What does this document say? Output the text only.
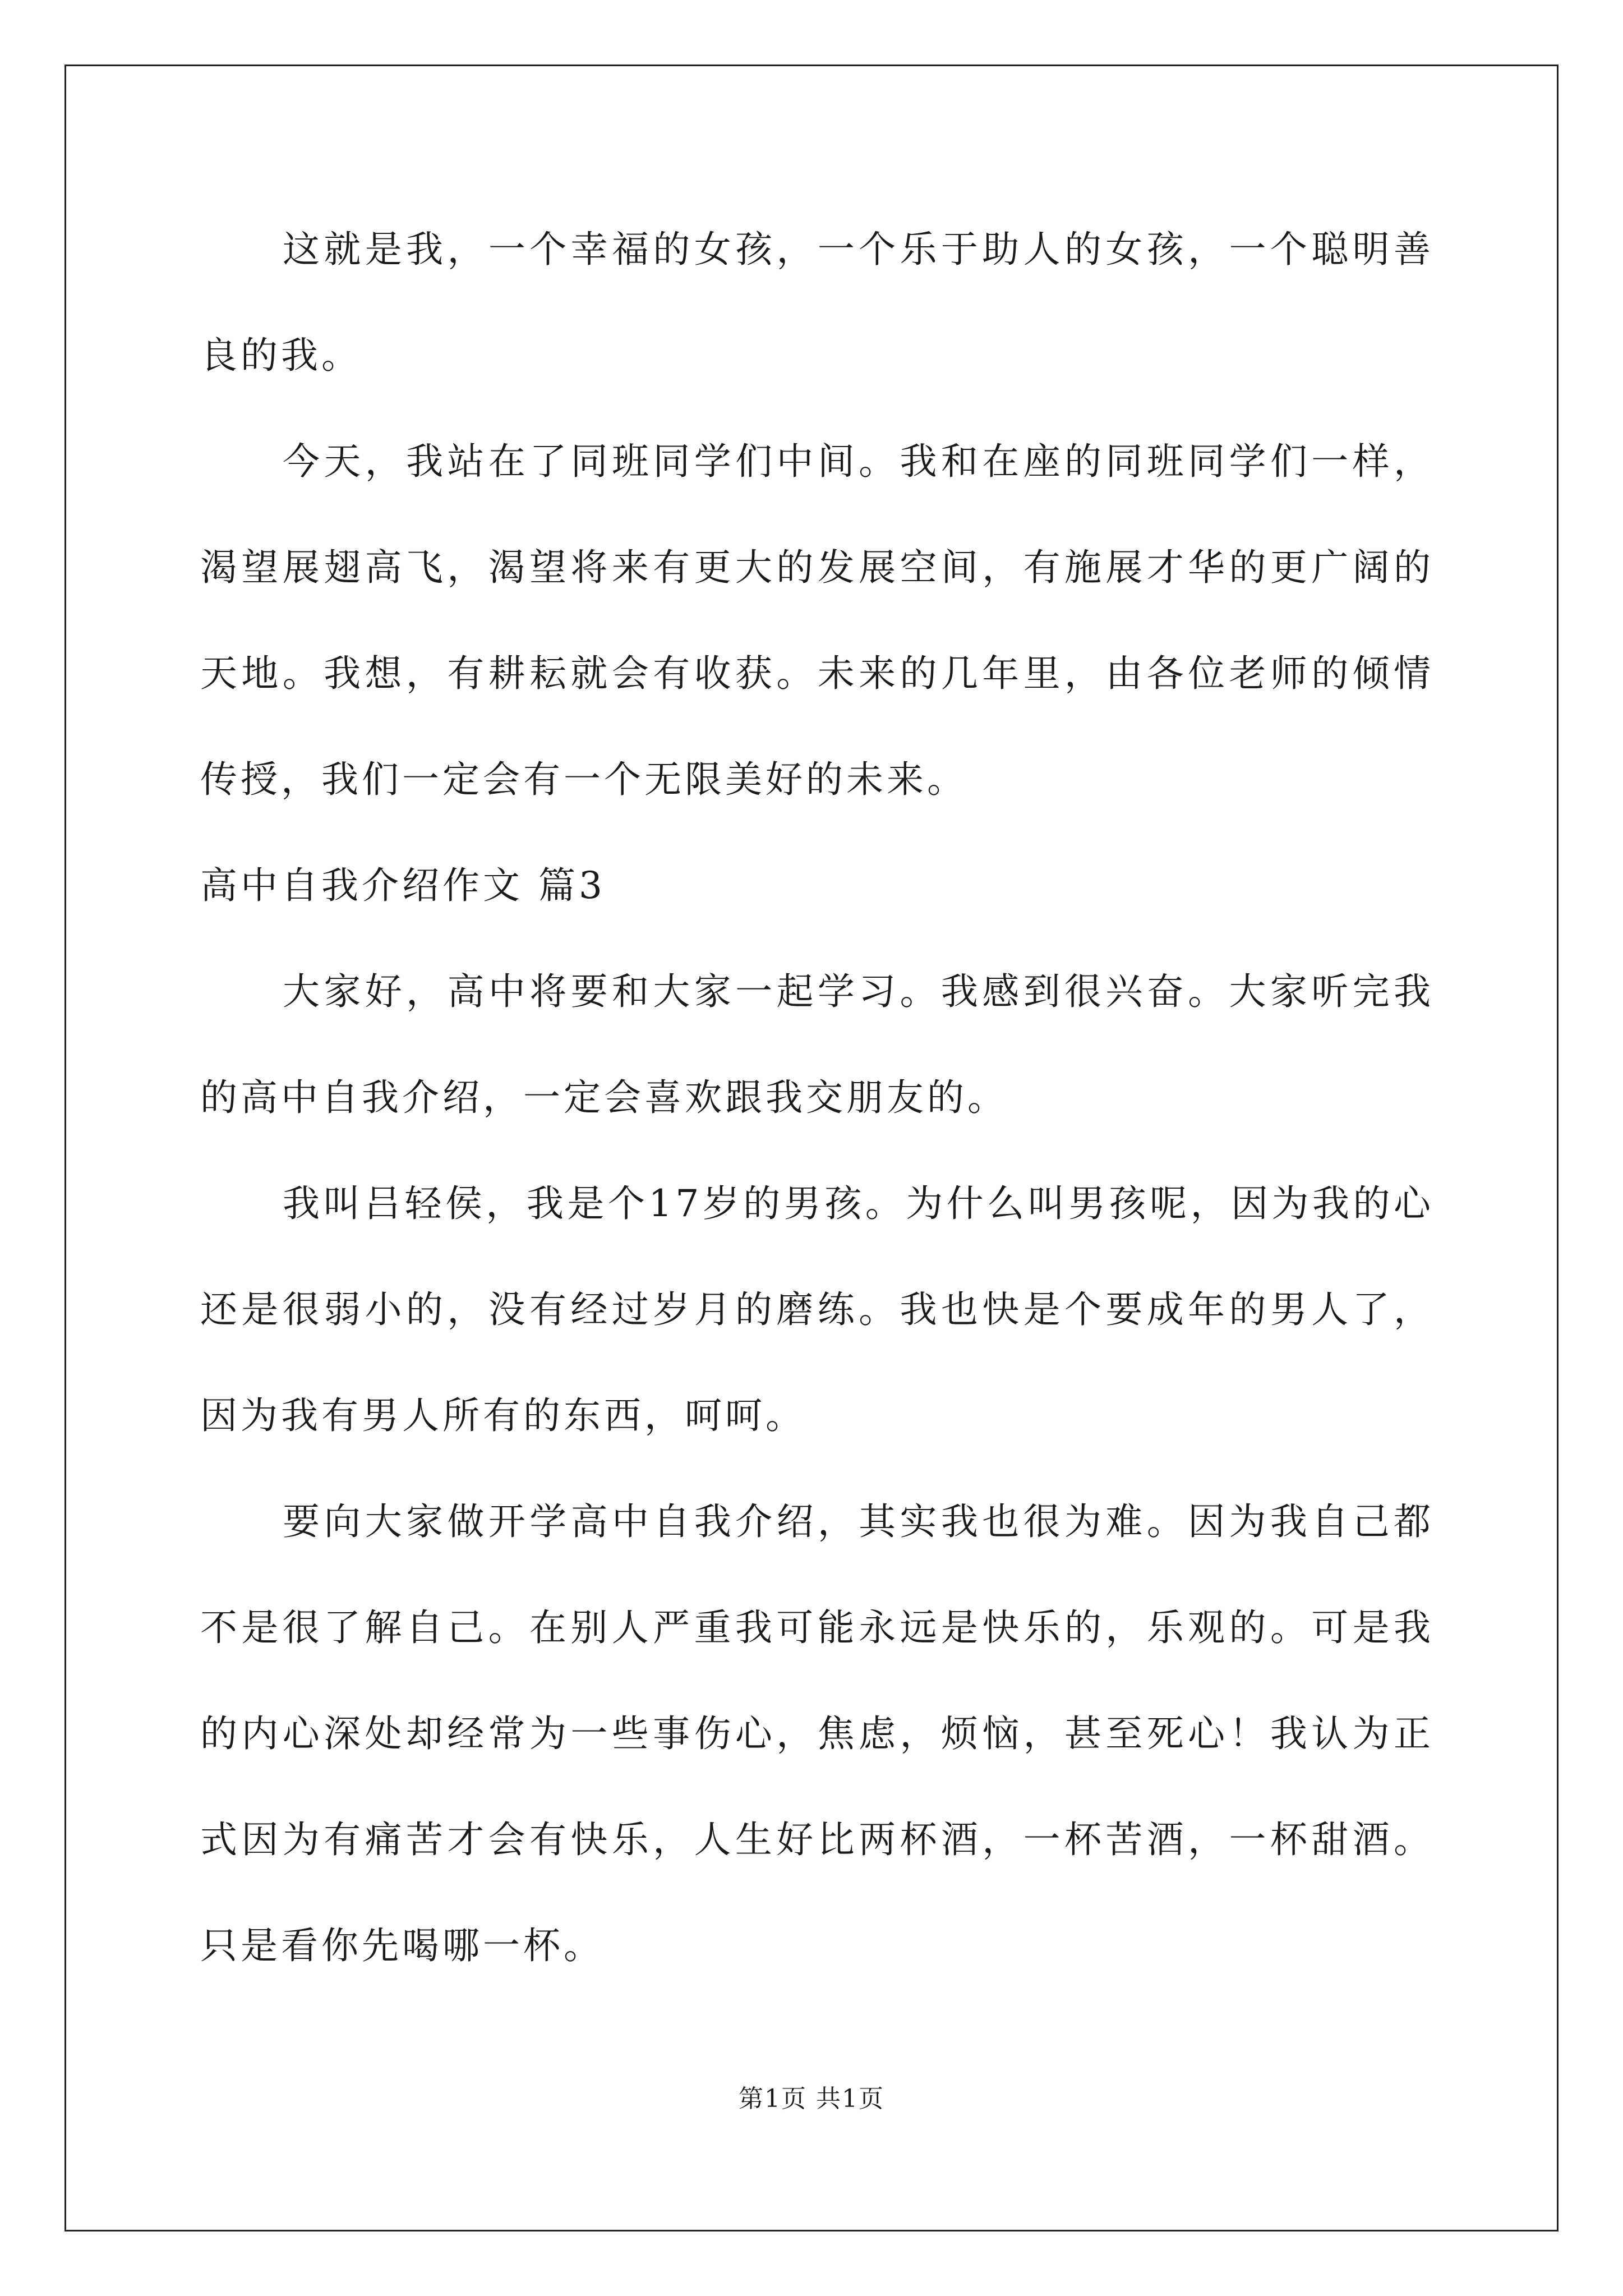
这就是我，一个幸福的女孩，一个乐于助人的女孩，一个聪明善良的我。

今天，我站在了同班同学们中间。我和在座的同班同学们一样，渴望展翅高飞，渴望将来有更大的发展空间，有施展才华的更广阔的天地。我想，有耕耘就会有收获。未来的几年里，由各位老师的倾情传授，我们一定会有一个无限美好的未来。

高中自我介绍作文 篇3

大家好，高中将要和大家一起学习。我感到很兴奋。大家听完我的高中自我介绍，一定会喜欢跟我交朋友的。

我叫吕轻侯，我是个17岁的男孩。为什么叫男孩呢，因为我的心还是很弱小的，没有经过岁月的磨练。我也快是个要成年的男人了，因为我有男人所有的东西，呵呵。

要向大家做开学高中自我介绍，其实我也很为难。因为我自己都不是很了解自己。在别人严重我可能永远是快乐的，乐观的。可是我的内心深处却经常为一些事伤心，焦虑，烦恼，甚至死心！我认为正式因为有痛苦才会有快乐，人生好比两杯酒，一杯苦酒，一杯甜酒。只是看你先喝哪一杯。

第1页 共1页
